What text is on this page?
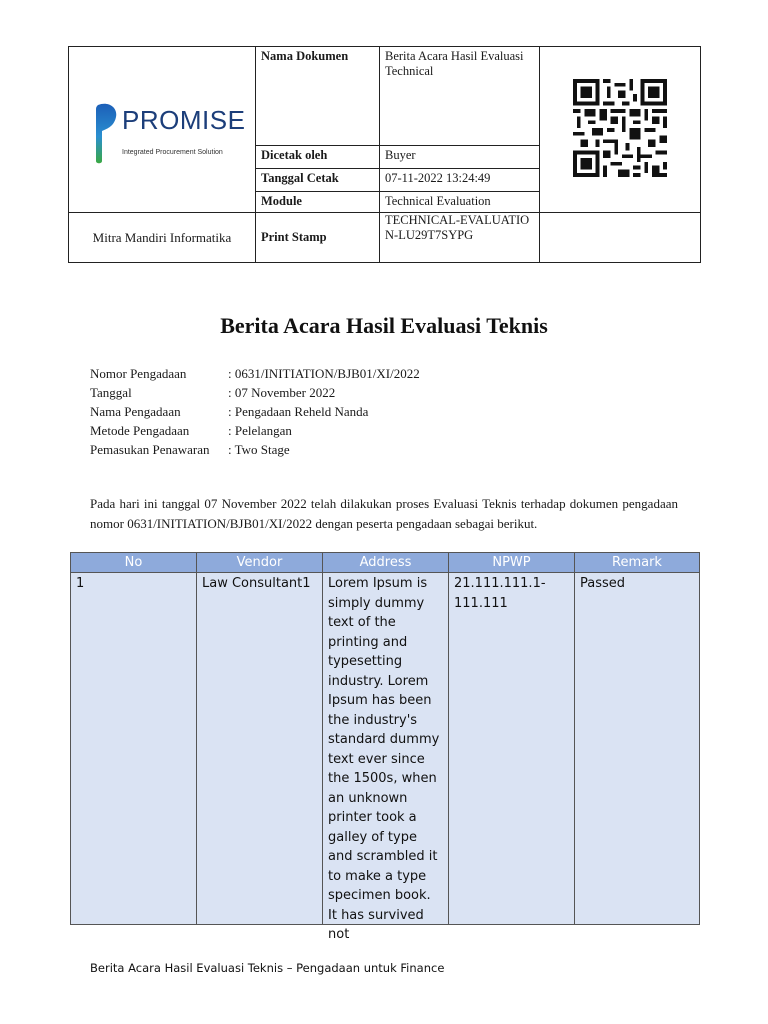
PROMISE
Integrated Procurement Solution	Nama Dokumen	Berita Acara Hasil Evaluasi Technical	
	Dicetak oleh	Buyer	
	Tanggal Cetak	07-11-2022 13:24:49	
	Module	Technical Evaluation	
Mitra Mandiri Informatika	Print Stamp	TECHNICAL-EVALUATION-LU29T7SYPG	
Berita Acara Hasil Evaluasi Teknis
Nomor Pengadaan	: 0631/INITIATION/BJB01/XI/2022
Tanggal	: 07 November 2022
Nama Pengadaan	: Pengadaan Reheld Nanda
Metode Pengadaan	: Pelelangan
Pemasukan Penawaran	: Two Stage
Pada hari ini tanggal 07 November 2022 telah dilakukan proses Evaluasi Teknis terhadap dokumen pengadaan nomor 0631/INITIATION/BJB01/XI/2022 dengan peserta pengadaan sebagai berikut.
No	Vendor	Address	NPWP	Remark

1	Law Consultant1	Lorem Ipsum is simply dummy text of the printing and typesetting industry. Lorem Ipsum has been the industry's standard dummy text ever since the 1500s, when an unknown printer took a galley of type and scrambled it to make a type specimen book. It has survived not	21.111.111.1-111.111	Passed
Berita Acara Hasil Evaluasi Teknis – Pengadaan untuk Finance
